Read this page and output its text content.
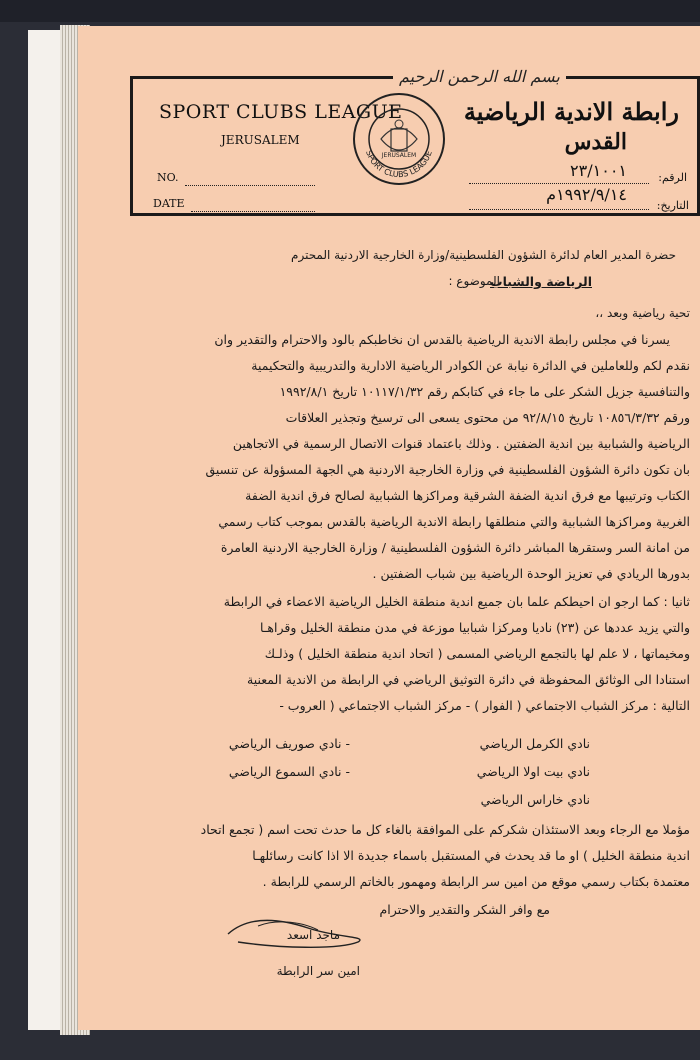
بسم الله الرحمن الرحيم
SPORT CLUBS LEAGUE
JERUSALEM
NO.
DATE
SPORT CLUBS LEAGUE
JERUSALEM
رابطة الاندية الرياضية
القدس
الرقم:
٢٣/١٠٠١
التاريخ:
١٩٩٢/٩/١٤م
حضرة المدير العام لدائرة الشؤون الفلسطينية/وزارة الخارجية الاردنية المحترم
الموضوع :
الرياضة والشباب
تحية رياضية وبعد ،،
يسرنا في مجلس رابطة الاندية الرياضية بالقدس ان نخاطبكم بالود والاحترام والتقدير وان
نقدم لكم وللعاملين في الدائرة نيابة عن الكوادر الرياضية الادارية والتدريبية والتحكيمية
والتنافسية جزيل الشكر على ما جاء في كتابكم رقم ١٠١١٧/١/٣٢ تاريخ ١٩٩٢/٨/١
ورقم ١٠٨٥٦/٣/٣٢ تاريخ ٩٢/٨/١٥ من محتوى يسعى الى ترسيخ وتجذير العلاقات
الرياضية والشبابية بين اندية الضفتين . وذلك باعتماد قنوات الاتصال الرسمية في الاتجاهين
بان تكون دائرة الشؤون الفلسطينية في وزارة الخارجية الاردنية هي الجهة المسؤولة عن تنسيق
الكتاب وترتيبها مع فرق اندية الضفة الشرقية ومراكزها الشبابية لصالح فرق اندية الضفة
الغربية ومراكزها الشبابية والتي منطلقها رابطة الاندية الرياضية بالقدس بموجب كتاب رسمي
من امانة السر وستقرها المباشر دائرة الشؤون الفلسطينية / وزارة الخارجية الاردنية العامرة
بدورها الريادي في تعزيز الوحدة الرياضية بين شباب الضفتين .
ثانيا : كما ارجو ان احيطكم علما بان جميع اندية منطقة الخليل الرياضية الاعضاء في الرابطة
والتي يزيد عددها عن (٢٣) ناديا ومركزا شبابيا موزعة في مدن منطقة الخليل وقراهـا
ومخيماتها ، لا علم لها بالتجمع الرياضي المسمى ( اتحاد اندية منطقة الخليل ) وذلـك
استنادا الى الوثائق المحفوظة في دائرة التوثيق الرياضي في الرابطة من الاندية المعنية
التالية : مركز الشباب الاجتماعي ( الفوار ) - مركز الشباب الاجتماعي ( العروب -
نادي الكرمل الرياضي
نادي بيت اولا الرياضي
نادي خاراس الرياضي
- نادي صوريف الرياضي
- نادي السموع الرياضي
مؤملا مع الرجاء وبعد الاستئذان شكركم على الموافقة بالغاء كل ما حدث تحت اسم ( تجمع اتحاد
اندية منطقة الخليل ) او ما قد يحدث في المستقبل باسماء جديدة الا اذا كانت رسائلهـا
معتمدة بكتاب رسمي موقع من امين سر الرابطة ومهمور بالخاتم الرسمي للرابطة .
مع وافر الشكر والتقدير والاحترام
ماجد اسعد
امين سر الرابطة
